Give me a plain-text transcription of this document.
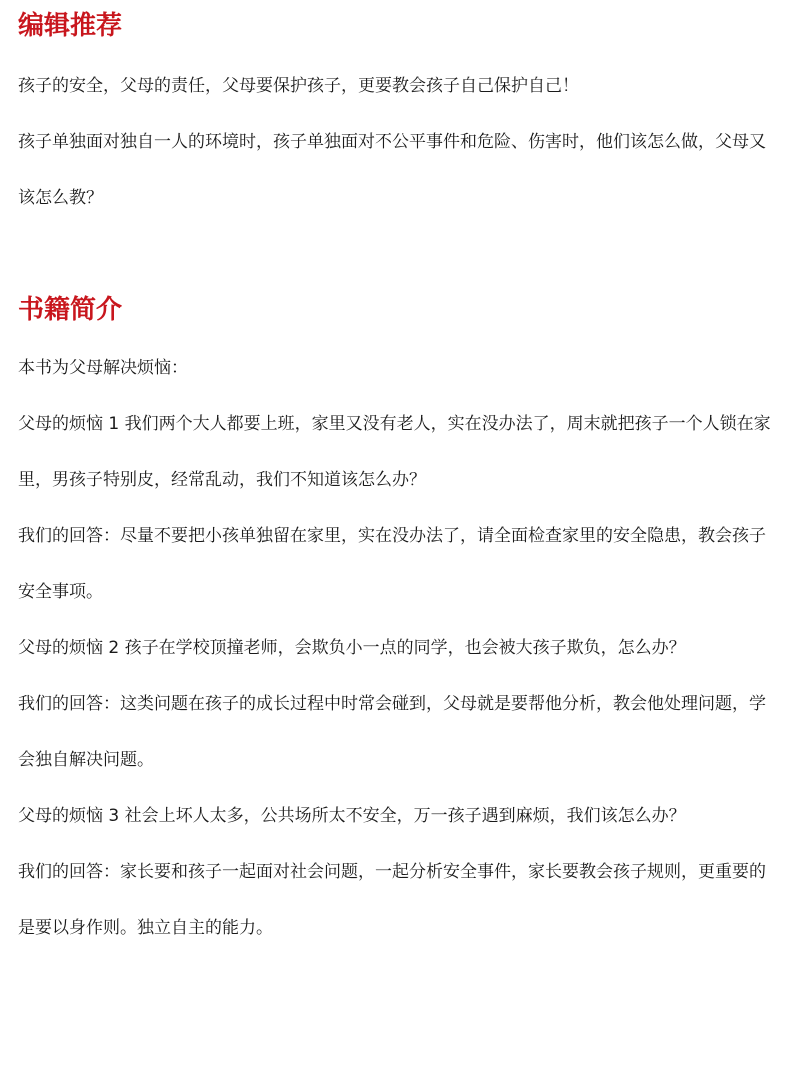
编辑推荐

孩子的安全，父母的责任，父母要保护孩子，更要教会孩子自己保护自己！

孩子单独面对独自一人的环境时，孩子单独面对不公平事件和危险、伤害时，他们该怎么做，父母又该怎么教？

书籍简介

本书为父母解决烦恼：

父母的烦恼 1 我们两个大人都要上班，家里又没有老人，实在没办法了，周末就把孩子一个人锁在家里，男孩子特别皮，经常乱动，我们不知道该怎么办？

我们的回答：尽量不要把小孩单独留在家里，实在没办法了，请全面检查家里的安全隐患，教会孩子安全事项。

父母的烦恼 2 孩子在学校顶撞老师，会欺负小一点的同学，也会被大孩子欺负，怎么办？

我们的回答：这类问题在孩子的成长过程中时常会碰到，父母就是要帮他分析，教会他处理问题，学会独自解决问题。

父母的烦恼 3 社会上坏人太多，公共场所太不安全，万一孩子遇到麻烦，我们该怎么办？

我们的回答：家长要和孩子一起面对社会问题，一起分析安全事件，家长要教会孩子规则，更重要的是要以身作则。独立自主的能力。
